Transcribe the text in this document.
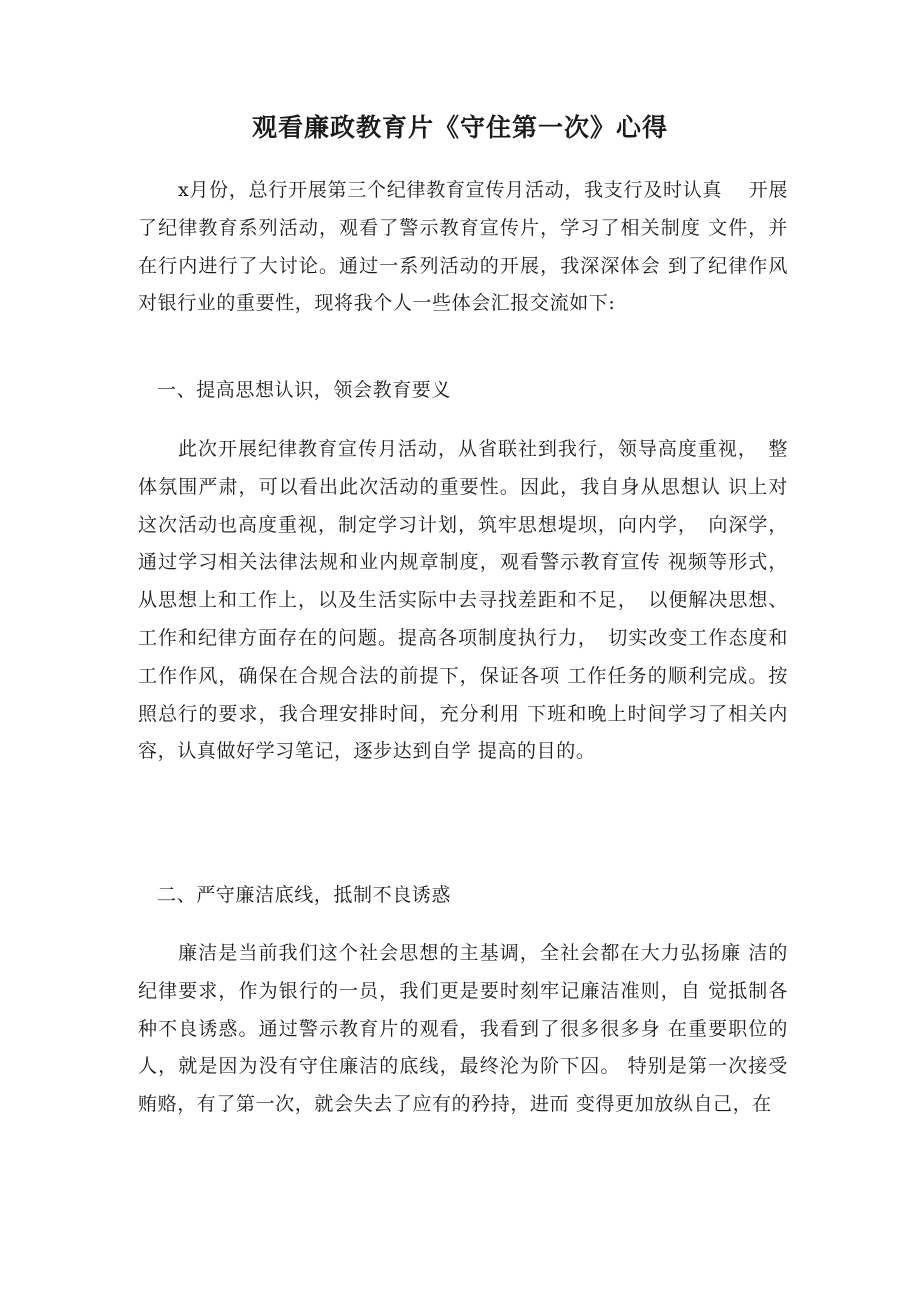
观看廉政教育片《守住第一次》心得

x月份，总行开展第三个纪律教育宣传月活动，我支行及时认真　 开展了纪律教育系列活动，观看了警示教育宣传片，学习了相关制度 文件，并在行内进行了大讨论。通过一系列活动的开展，我深深体会 到了纪律作风对银行业的重要性，现将我个人一些体会汇报交流如下:

一、提高思想认识，领会教育要义

此次开展纪律教育宣传月活动，从省联社到我行，领导高度重视，　整体氛围严肃，可以看出此次活动的重要性。因此，我自身从思想认 识上对这次活动也高度重视，制定学习计划，筑牢思想堤坝，向内学，　向深学，通过学习相关法律法规和业内规章制度，观看警示教育宣传 视频等形式，从思想上和工作上，以及生活实际中去寻找差距和不足，　以便解决思想、工作和纪律方面存在的问题。提高各项制度执行力，　切实改变工作态度和工作作风，确保在合规合法的前提下，保证各项 工作任务的顺利完成。按照总行的要求，我合理安排时间，充分利用 下班和晚上时间学习了相关内容，认真做好学习笔记，逐步达到自学 提高的目的。

二、严守廉洁底线，抵制不良诱惑

廉洁是当前我们这个社会思想的主基调，全社会都在大力弘扬廉 洁的纪律要求，作为银行的一员，我们更是要时刻牢记廉洁准则，自 觉抵制各种不良诱惑。通过警示教育片的观看，我看到了很多很多身 在重要职位的人，就是因为没有守住廉洁的底线，最终沦为阶下囚。 特别是第一次接受贿赂，有了第一次，就会失去了应有的矜持，进而 变得更加放纵自己，在
